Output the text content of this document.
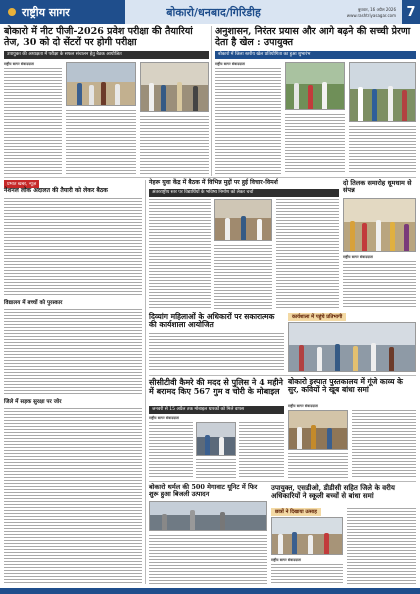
राष्ट्रीय सागर	बोकारो/धनबाद/गिरिडीह	बुधवार, 16 अप्रैल 2026
www.rashtriyasagar.com 7
बोकारो में नीट पीजी-2026 प्रवेश परीक्षा की तैयारियां तेज, 30 को दो सेंटरों पर होगी परीक्षा
उपायुक्त की अध्यक्षता में परीक्षा के सफल संचालन हेतु बैठक आयोजित
राष्ट्रीय सागर संवाददाता
अनुशासन, निरंतर प्रयास और आगे बढ़ने की सच्ची प्रेरणा देता है खेल : उपायुक्त
बोकारो में जिला स्तरीय खेल प्रतियोगिता का हुआ शुभारंभ
राष्ट्रीय सागर संवाददाता
प्रभात खबर, न्यूज़
नेशनल लोक अदालत की तैयारी को लेकर बैठक
विद्यालय में बच्चों को पुरस्कार
जिले में सड़क सुरक्षा पर जोर
नेहरू युवा केंद्र में बैठक में विभिन्न मुद्दों पर हुई विचार-विमर्श
अंतरराष्ट्रीय स्तर पर विद्यार्थियों के भविष्य निर्माण को लेकर चर्चा
दो तिलक समारोह धूमधाम से संपन्न
राष्ट्रीय सागर संवाददाता
दिव्यांग महिलाओं के अधिकारों पर सकारात्मक की कार्यशाला आयोजित
कार्यशाला में पहुंचे प्रतिभागी
सीसीटीवी कैमरे की मदद से पुलिस ने 4 महीने में बरामद किए 567 गुम व चोरी के मोबाइल
जनवरी से 15 अप्रैल तक मोबाइल धारकों को मिले वापस
राष्ट्रीय सागर संवाददाता
बोकारो इस्पात पुस्तकालय में गूंजे काव्य के सुर, कवियों ने खूब बांधा समां
राष्ट्रीय सागर संवाददाता
बोकारो थर्मल की 500 मेगावाट यूनिट में फिर शुरू हुआ बिजली उत्पादन
उपायुक्त, एसडीओ, डीडीसी सहित जिले के वरीय अधिकारियों ने स्कूली बच्चों से बांधा समां
छात्रों ने दिखाया उत्साह
राष्ट्रीय सागर संवाददाता
